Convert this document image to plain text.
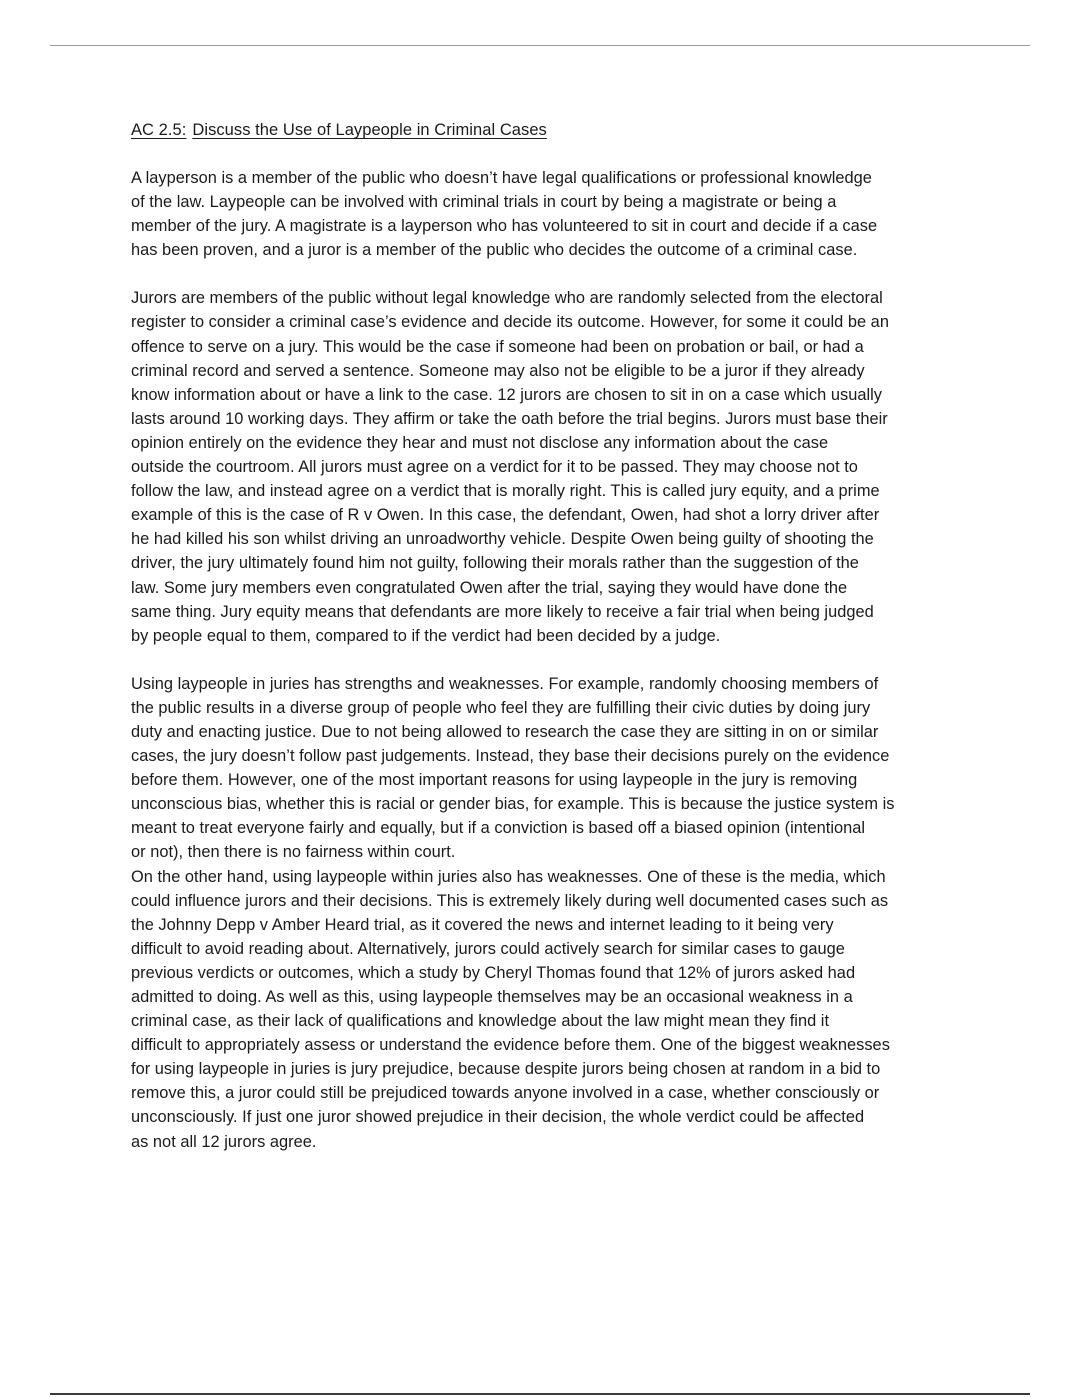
AC 2.5: Discuss the Use of Laypeople in Criminal Cases
A layperson is a member of the public who doesn’t have legal qualifications or professional knowledge
of the law. Laypeople can be involved with criminal trials in court by being a magistrate or being a
member of the jury. A magistrate is a layperson who has volunteered to sit in court and decide if a case
has been proven, and a juror is a member of the public who decides the outcome of a criminal case.
Jurors are members of the public without legal knowledge who are randomly selected from the electoral
register to consider a criminal case’s evidence and decide its outcome. However, for some it could be an
offence to serve on a jury. This would be the case if someone had been on probation or bail, or had a
criminal record and served a sentence. Someone may also not be eligible to be a juror if they already
know information about or have a link to the case. 12 jurors are chosen to sit in on a case which usually
lasts around 10 working days. They affirm or take the oath before the trial begins. Jurors must base their
opinion entirely on the evidence they hear and must not disclose any information about the case
outside the courtroom. All jurors must agree on a verdict for it to be passed. They may choose not to
follow the law, and instead agree on a verdict that is morally right. This is called jury equity, and a prime
example of this is the case of R v Owen. In this case, the defendant, Owen, had shot a lorry driver after
he had killed his son whilst driving an unroadworthy vehicle. Despite Owen being guilty of shooting the
driver, the jury ultimately found him not guilty, following their morals rather than the suggestion of the
law. Some jury members even congratulated Owen after the trial, saying they would have done the
same thing. Jury equity means that defendants are more likely to receive a fair trial when being judged
by people equal to them, compared to if the verdict had been decided by a judge.
Using laypeople in juries has strengths and weaknesses. For example, randomly choosing members of
the public results in a diverse group of people who feel they are fulfilling their civic duties by doing jury
duty and enacting justice. Due to not being allowed to research the case they are sitting in on or similar
cases, the jury doesn’t follow past judgements. Instead, they base their decisions purely on the evidence
before them. However, one of the most important reasons for using laypeople in the jury is removing
unconscious bias, whether this is racial or gender bias, for example. This is because the justice system is
meant to treat everyone fairly and equally, but if a conviction is based off a biased opinion (intentional
or not), then there is no fairness within court.
On the other hand, using laypeople within juries also has weaknesses. One of these is the media, which
could influence jurors and their decisions. This is extremely likely during well documented cases such as
the Johnny Depp v Amber Heard trial, as it covered the news and internet leading to it being very
difficult to avoid reading about. Alternatively, jurors could actively search for similar cases to gauge
previous verdicts or outcomes, which a study by Cheryl Thomas found that 12% of jurors asked had
admitted to doing. As well as this, using laypeople themselves may be an occasional weakness in a
criminal case, as their lack of qualifications and knowledge about the law might mean they find it
difficult to appropriately assess or understand the evidence before them. One of the biggest weaknesses
for using laypeople in juries is jury prejudice, because despite jurors being chosen at random in a bid to
remove this, a juror could still be prejudiced towards anyone involved in a case, whether consciously or
unconsciously. If just one juror showed prejudice in their decision, the whole verdict could be affected
as not all 12 jurors agree.
